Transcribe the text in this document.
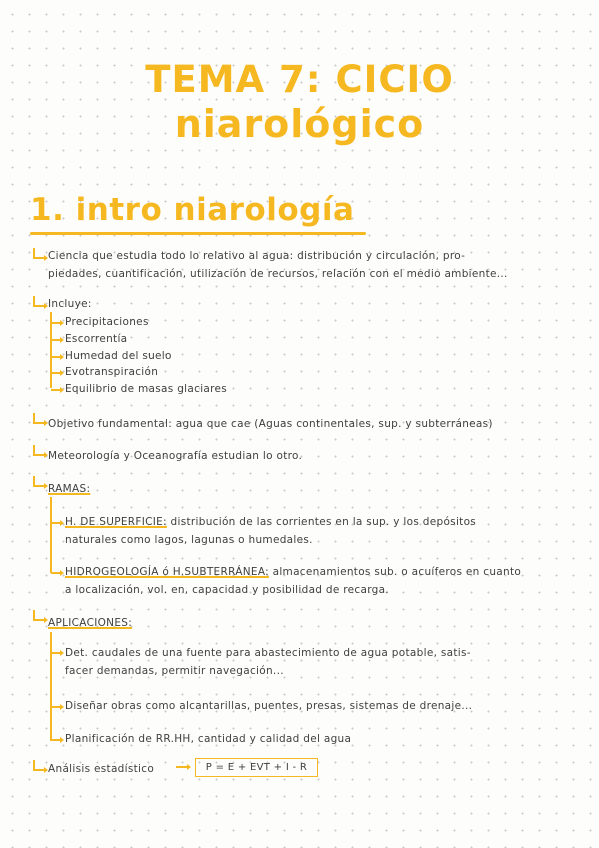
TEMA 7: CICIO
niarológico
1. intro niarología
Ciencia que estudia todo lo relativo al agua: distribución y circulación, pro-
piedades, cuantificación, utilización de recursos, relación con el medio ambiente...
Incluye:
Precipitaciones
Escorrentía
Humedad del suelo
Evotranspiración
Equilibrio de masas glaciares
Objetivo fundamental: agua que cae (Aguas continentales, sup. y subterráneas)
Meteorología y Oceanografía estudian lo otro.
RAMAS:
H. DE SUPERFICIE: distribución de las corrientes en la sup. y los depósitos
naturales como lagos, lagunas o humedales.
HIDROGEOLOGÍA ó H.SUBTERRÁNEA: almacenamientos sub. o acuíferos en cuanto
a localización, vol. en, capacidad y posibilidad de recarga.
APLICACIONES:
Det. caudales de una fuente para abastecimiento de agua potable, satis-
facer demandas, permitir navegación...
Diseñar obras como alcantarillas, puentes, presas, sistemas de drenaje...
Planificación de RR.HH, cantidad y calidad del agua
Análisis estadístico	P = E + EVT + I - R
